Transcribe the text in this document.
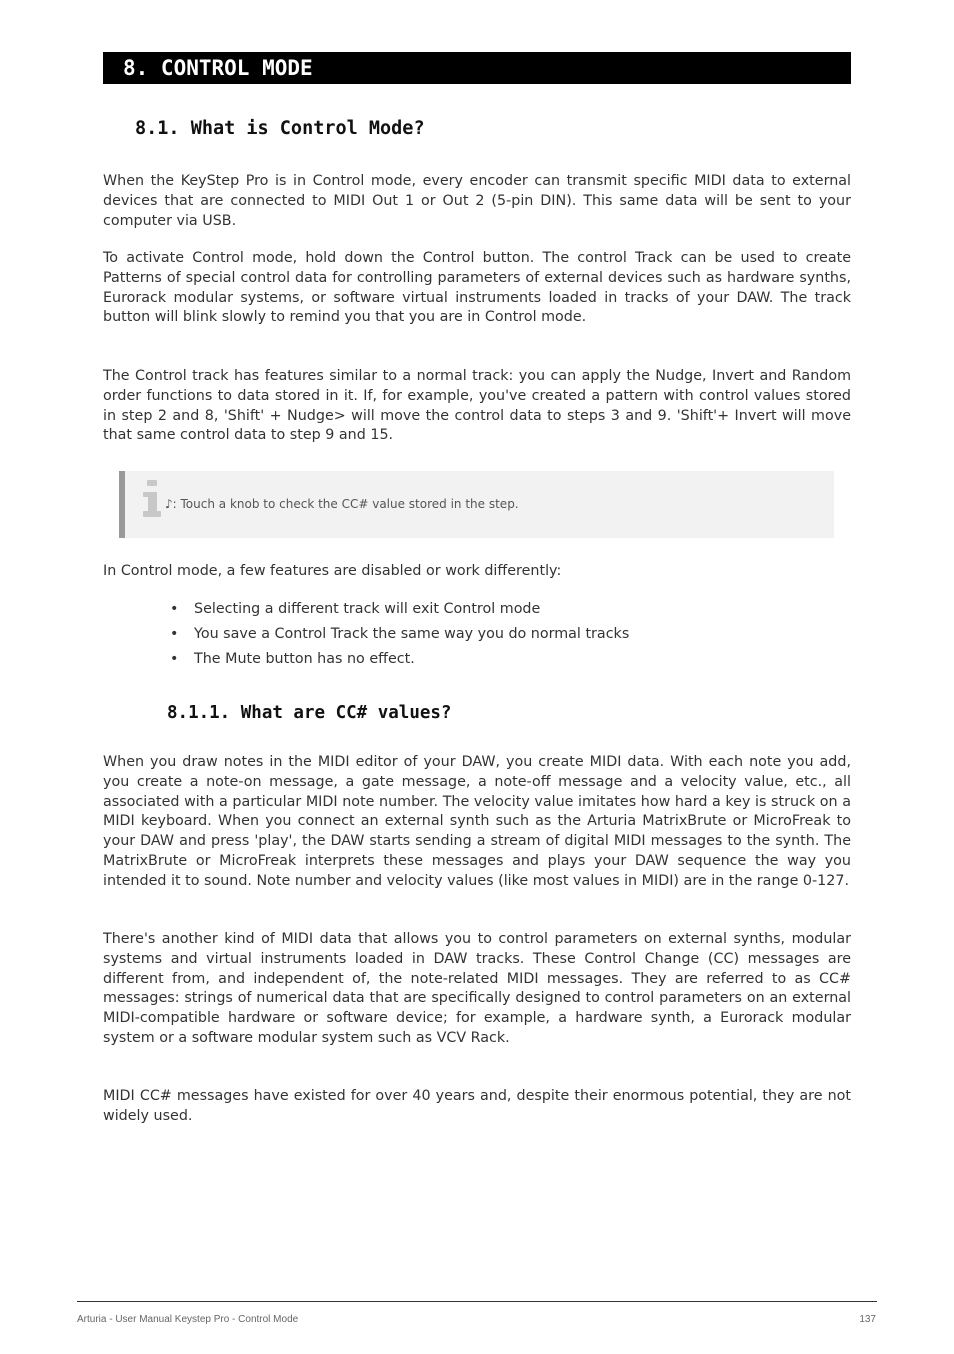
8. CONTROL MODE
8.1. What is Control Mode?

When the KeyStep Pro is in Control mode, every encoder can transmit specific MIDI data to external devices that are connected to MIDI Out 1 or Out 2 (5-pin DIN). This same data will be sent to your computer via USB.

To activate Control mode, hold down the Control button. The control Track can be used to create Patterns of special control data for controlling parameters of external devices such as hardware synths, Eurorack modular systems, or software virtual instruments loaded in tracks of your DAW. The track button will blink slowly to remind you that you are in Control mode.

The Control track has features similar to a normal track: you can apply the Nudge, Invert and Random order functions to data stored in it. If, for example, you've created a pattern with control values stored in step 2 and 8, 'Shift' + Nudge> will move the control data to steps 3 and 9. 'Shift'+ Invert will move that same control data to step 9 and 15.

♪: Touch a knob to check the CC# value stored in the step.

In Control mode, a few features are disabled or work differently:

• Selecting a different track will exit Control mode
• You save a Control Track the same way you do normal tracks
• The Mute button has no effect.
8.1.1. What are CC# values?

When you draw notes in the MIDI editor of your DAW, you create MIDI data. With each note you add, you create a note-on message, a gate message, a note-off message and a velocity value, etc., all associated with a particular MIDI note number. The velocity value imitates how hard a key is struck on a MIDI keyboard. When you connect an external synth such as the Arturia MatrixBrute or MicroFreak to your DAW and press 'play', the DAW starts sending a stream of digital MIDI messages to the synth. The MatrixBrute or MicroFreak interprets these messages and plays your DAW sequence the way you intended it to sound. Note number and velocity values (like most values in MIDI) are in the range 0-127.

There's another kind of MIDI data that allows you to control parameters on external synths, modular systems and virtual instruments loaded in DAW tracks. These Control Change (CC) messages are different from, and independent of, the note-related MIDI messages. They are referred to as CC# messages: strings of numerical data that are specifically designed to control parameters on an external MIDI-compatible hardware or software device; for example, a hardware synth, a Eurorack modular system or a software modular system such as VCV Rack.

MIDI CC# messages have existed for over 40 years and, despite their enormous potential, they are not widely used.

Arturia - User Manual Keystep Pro - Control Mode	137
